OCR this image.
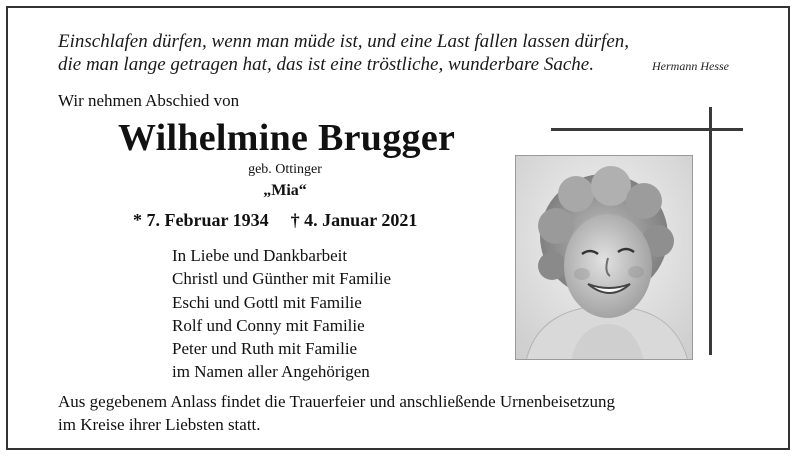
Einschlafen dürfen, wenn man müde ist, und eine Last fallen lassen dürfen,
die man lange getragen hat, das ist eine tröstliche, wunderbare Sache.	Hermann Hesse
Wir nehmen Abschied von
Wilhelmine Brugger
geb. Ottinger
„Mia“
* 7. Februar 1934 † 4. Januar 2021
In Liebe und Dankbarbeit
Christl und Günther mit Familie
Eschi und Gottl mit Familie
Rolf und Conny mit Familie
Peter und Ruth mit Familie
im Namen aller Angehörigen
Aus gegebenem Anlass findet die Trauerfeier und anschließende Urnenbeisetzung
im Kreise ihrer Liebsten statt.
